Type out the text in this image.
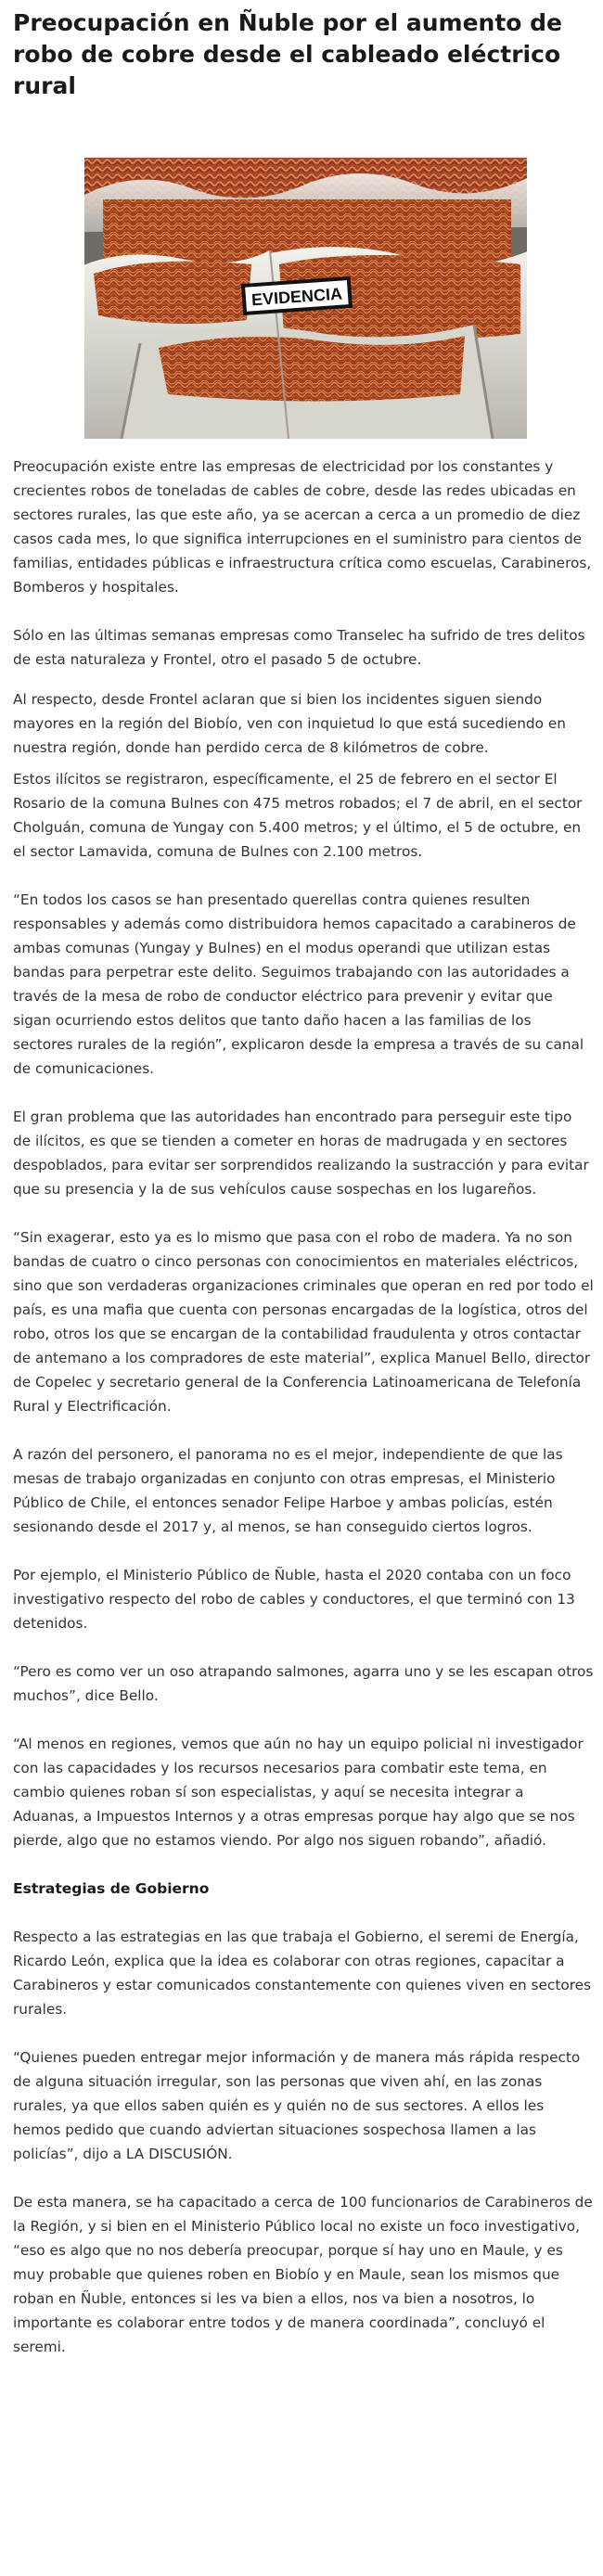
Preocupación en Ñuble por el aumento de robo de cobre desde el cableado eléctrico rural
EVIDENCIA

Preocupación existe entre las empresas de electricidad por los constantes y crecientes robos de toneladas de cables de cobre, desde las redes ubicadas en sectores rurales, las que este año, ya se acercan a cerca a un promedio de diez casos cada mes, lo que significa interrupciones en el suministro para cientos de familias, entidades públicas e infraestructura crítica como escuelas, Carabineros, Bomberos y hospitales.

Sólo en las últimas semanas empresas como Transelec ha sufrido de tres delitos de esta naturaleza y Frontel, otro el pasado 5 de octubre.

Al respecto, desde Frontel aclaran que si bien los incidentes siguen siendo mayores en la región del Biobío, ven con inquietud lo que está sucediendo en nuestra región, donde han perdido cerca de 8 kilómetros de cobre.

Estos ilícitos se registraron, específicamente, el 25 de febrero en el sector El Rosario de la comuna Bulnes con 475 metros robados; el 7 de abril, en el sector Cholguán, comuna de Yungay con 5.400 metros; y el último, el 5 de octubre, en el sector Lamavida, comuna de Bulnes con 2.100 metros.

“En todos los casos se han presentado querellas contra quienes resulten responsables y además como distribuidora hemos capacitado a carabineros de ambas comunas (Yungay y Bulnes) en el modus operandi que utilizan estas bandas para perpetrar este delito. Seguimos trabajando con las autoridades a través de la mesa de robo de conductor eléctrico para prevenir y evitar que sigan ocurriendo estos delitos que tanto daño hacen a las familias de los sectores rurales de la región”, explicaron desde la empresa a través de su canal de comunicaciones.

El gran problema que las autoridades han encontrado para perseguir este tipo de ilícitos, es que se tienden a cometer en horas de madrugada y en sectores despoblados, para evitar ser sorprendidos realizando la sustracción y para evitar que su presencia y la de sus vehículos cause sospechas en los lugareños.

“Sin exagerar, esto ya es lo mismo que pasa con el robo de madera. Ya no son bandas de cuatro o cinco personas con conocimientos en materiales eléctricos, sino que son verdaderas organizaciones criminales que operan en red por todo el país, es una mafia que cuenta con personas encargadas de la logística, otros del robo, otros los que se encargan de la contabilidad fraudulenta y otros contactar de antemano a los compradores de este material”, explica Manuel Bello, director de Copelec y secretario general de la Conferencia Latinoamericana de Telefonía Rural y Electrificación.

A razón del personero, el panorama no es el mejor, independiente de que las mesas de trabajo organizadas en conjunto con otras empresas, el Ministerio Público de Chile, el entonces senador Felipe Harboe y ambas policías, estén sesionando desde el 2017 y, al menos, se han conseguido ciertos logros.

Por ejemplo, el Ministerio Público de Ñuble, hasta el 2020 contaba con un foco investigativo respecto del robo de cables y conductores, el que terminó con 13 detenidos.

“Pero es como ver un oso atrapando salmones, agarra uno y se les escapan otros muchos”, dice Bello.

“Al menos en regiones, vemos que aún no hay un equipo policial ni investigador con las capacidades y los recursos necesarios para combatir este tema, en cambio quienes roban sí son especialistas, y aquí se necesita integrar a Aduanas, a Impuestos Internos y a otras empresas porque hay algo que se nos pierde, algo que no estamos viendo. Por algo nos siguen robando”, añadió.

Estrategias de Gobierno

Respecto a las estrategias en las que trabaja el Gobierno, el seremi de Energía, Ricardo León, explica que la idea es colaborar con otras regiones, capacitar a Carabineros y estar comunicados constantemente con quienes viven en sectores rurales.

“Quienes pueden entregar mejor información y de manera más rápida respecto de alguna situación irregular, son las personas que viven ahí, en las zonas rurales, ya que ellos saben quién es y quién no de sus sectores. A ellos les hemos pedido que cuando adviertan situaciones sospechosa llamen a las policías”, dijo a LA DISCUSIÓN.

De esta manera, se ha capacitado a cerca de 100 funcionarios de Carabineros de la Región, y si bien en el Ministerio Público local no existe un foco investigativo, “eso es algo que no nos debería preocupar, porque sí hay uno en Maule, y es muy probable que quienes roben en Biobío y en Maule, sean los mismos que roban en Ñuble, entonces si les va bien a ellos, nos va bien a nosotros, lo importante es colaborar entre todos y de manera coordinada”, concluyó el seremi.
